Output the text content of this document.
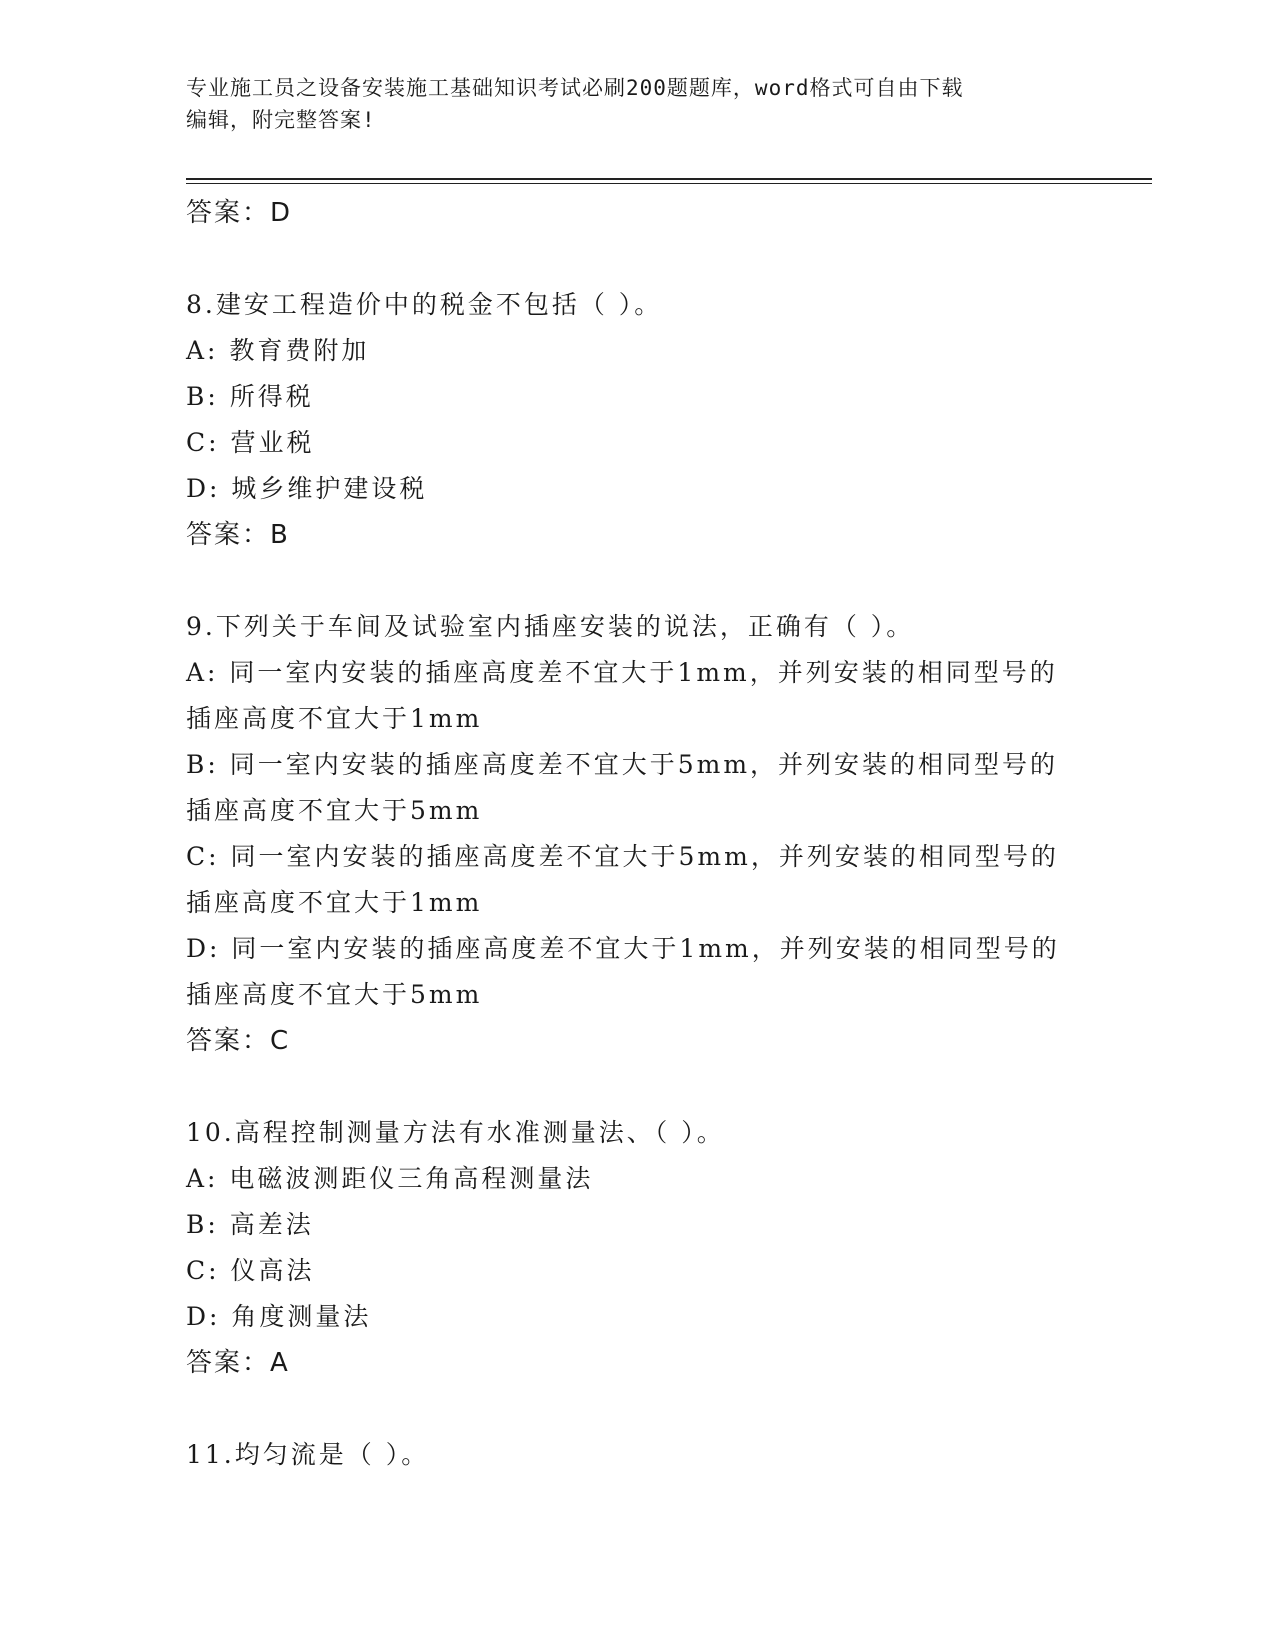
专业施工员之设备安装施工基础知识考试必刷200题题库，word格式可自由下载
编辑，附完整答案!
答案：D
8.建安工程造价中的税金不包括（ ）。
A: 教育费附加
B: 所得税
C: 营业税
D: 城乡维护建设税
答案：B
9.下列关于车间及试验室内插座安装的说法，正确有（ ）。
A: 同一室内安装的插座高度差不宜大于1mm，并列安装的相同型号的
插座高度不宜大于1mm
B: 同一室内安装的插座高度差不宜大于5mm，并列安装的相同型号的
插座高度不宜大于5mm
C: 同一室内安装的插座高度差不宜大于5mm，并列安装的相同型号的
插座高度不宜大于1mm
D: 同一室内安装的插座高度差不宜大于1mm，并列安装的相同型号的
插座高度不宜大于5mm
答案：C
10.高程控制测量方法有水准测量法、（ ）。
A: 电磁波测距仪三角高程测量法
B: 高差法
C: 仪高法
D: 角度测量法
答案：A
11.均匀流是（ ）。
